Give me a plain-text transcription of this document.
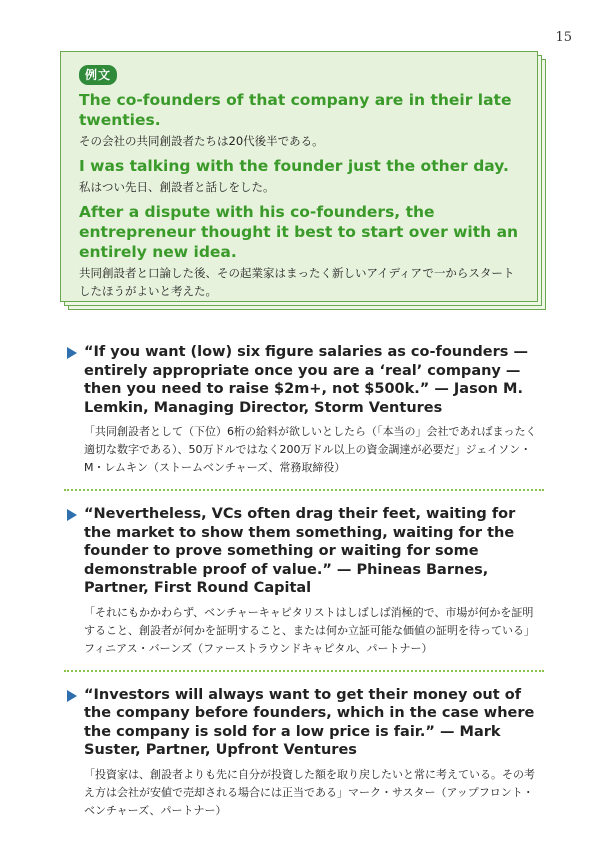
15
例文
The co-founders of that company are in their late twenties.
その会社の共同創設者たちは20代後半である。
I was talking with the founder just the other day.
私はつい先日、創設者と話しをした。
After a dispute with his co-founders, the entrepreneur thought it best to start over with an entirely new idea.
共同創設者と口論した後、その起業家はまったく新しいアイディアで一からスタートしたほうがよいと考えた。
“If you want (low) six figure salaries as co-founders — entirely appropriate once you are a ‘real’ company — then you need to raise $2m+, not $500k.” — Jason M. Lemkin, Managing Director, Storm Ventures
「共同創設者として（下位）6桁の給料が欲しいとしたら（「本当の」会社であればまったく適切な数字である）、50万ドルではなく200万ドル以上の資金調達が必要だ」ジェイソン・M・レムキン（ストームベンチャーズ、常務取締役）
“Nevertheless, VCs often drag their feet, waiting for the market to show them something, waiting for the founder to prove something or waiting for some demonstrable proof of value.” — Phineas Barnes, Partner, First Round Capital
「それにもかかわらず、ベンチャーキャピタリストはしばしば消極的で、市場が何かを証明すること、創設者が何かを証明すること、または何か立証可能な価値の証明を待っている」フィニアス・バーンズ（ファーストラウンドキャピタル、パートナー）
“Investors will always want to get their money out of the company before founders, which in the case where the company is sold for a low price is fair.” — Mark Suster, Partner, Upfront Ventures
「投資家は、創設者よりも先に自分が投資した額を取り戻したいと常に考えている。その考え方は会社が安値で売却される場合には正当である」マーク・サスター（アップフロント・ベンチャーズ、パートナー）
